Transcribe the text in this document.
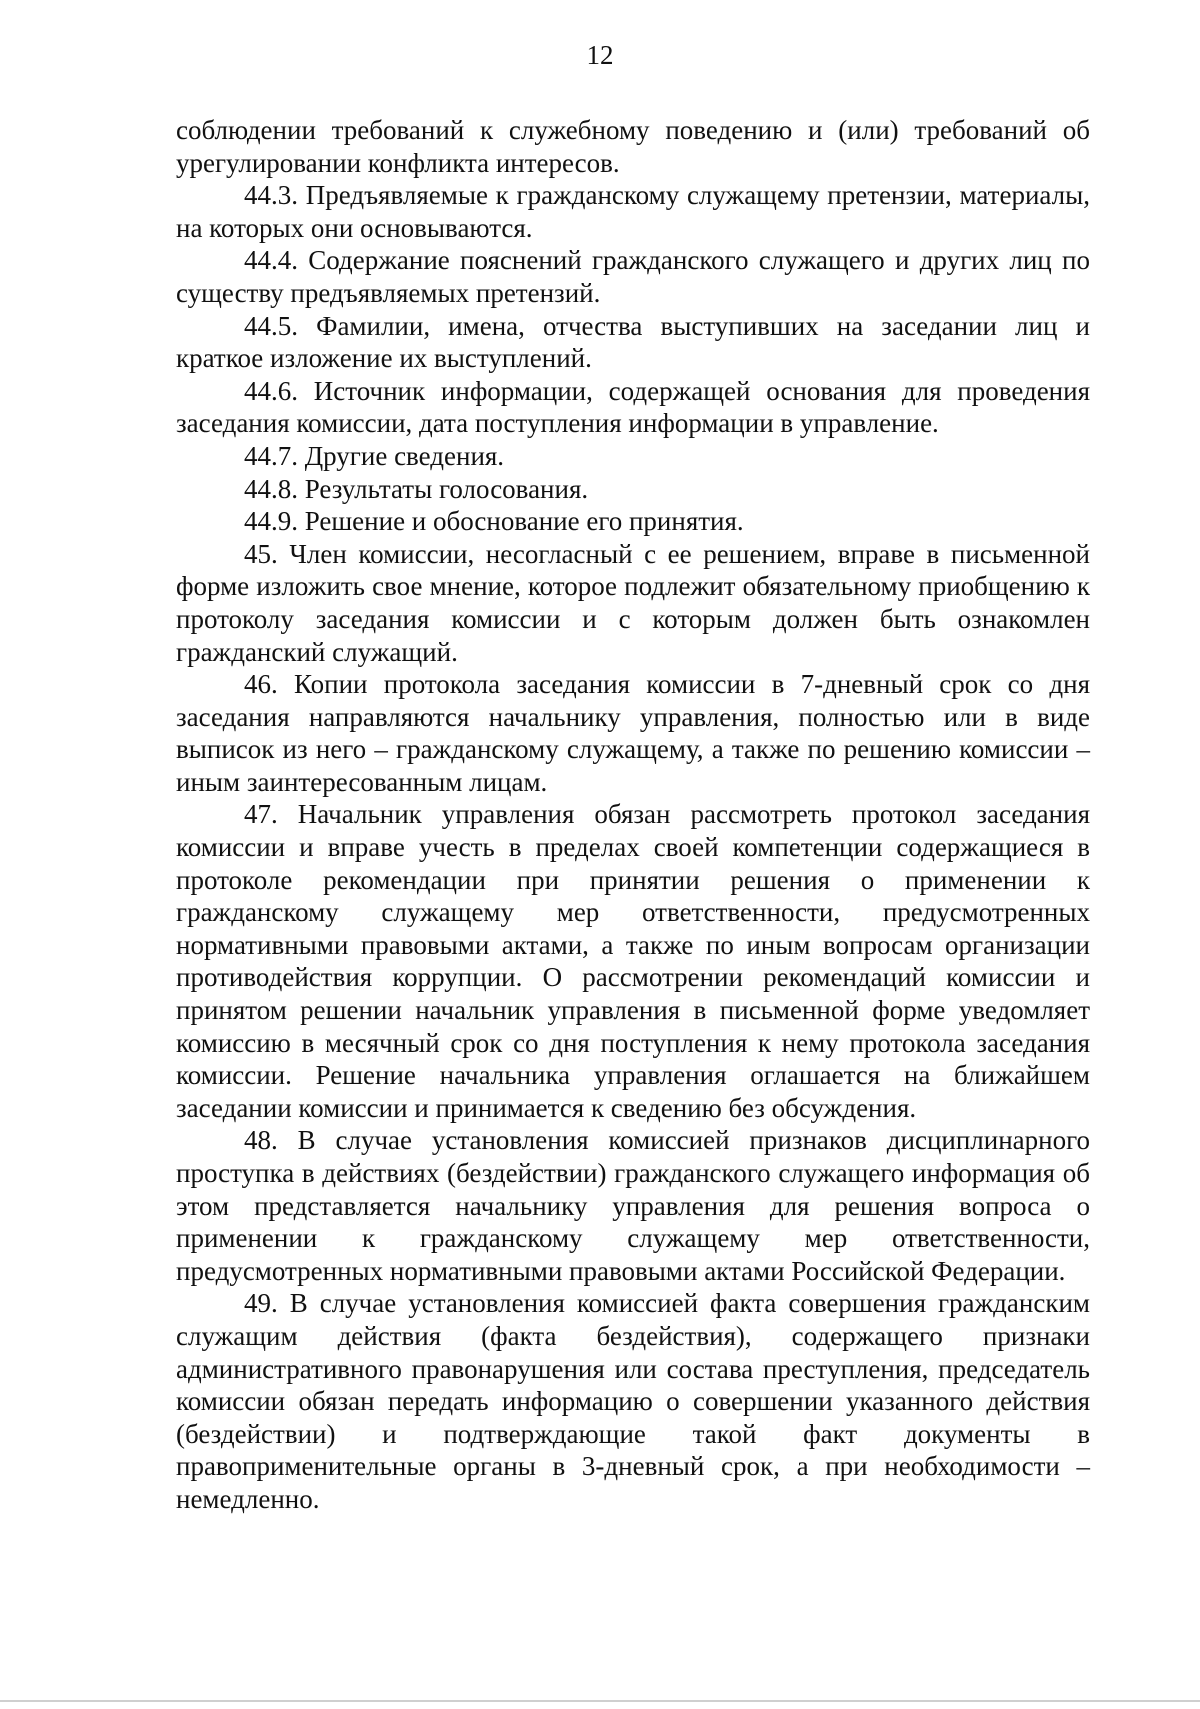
12

соблюдении требований к служебному поведению и (или) требований об урегулировании конфликта интересов.

44.3. Предъявляемые к гражданскому служащему претензии, материалы, на которых они основываются.

44.4. Содержание пояснений гражданского служащего и других лиц по существу предъявляемых претензий.

44.5. Фамилии, имена, отчества выступивших на заседании лиц и краткое изложение их выступлений.

44.6. Источник информации, содержащей основания для проведения заседания комиссии, дата поступления информации в управление.

44.7. Другие сведения.

44.8. Результаты голосования.

44.9. Решение и обоснование его принятия.

45. Член комиссии, несогласный с ее решением, вправе в письменной форме изложить свое мнение, которое подлежит обязательному приобщению к протоколу заседания комиссии и с которым должен быть ознакомлен гражданский служащий.

46. Копии протокола заседания комиссии в 7-дневный срок со дня заседания направляются начальнику управления, полностью или в виде выписок из него – гражданскому служащему, а также по решению комиссии – иным заинтересованным лицам.

47. Начальник управления обязан рассмотреть протокол заседания комиссии и вправе учесть в пределах своей компетенции содержащиеся в протоколе рекомендации при принятии решения о применении к гражданскому служащему мер ответственности, предусмотренных нормативными правовыми актами, а также по иным вопросам организации противодействия коррупции. О рассмотрении рекомендаций комиссии и принятом решении начальник управления в письменной форме уведомляет комиссию в месячный срок со дня поступления к нему протокола заседания комиссии. Решение начальника управления оглашается на ближайшем заседании комиссии и принимается к сведению без обсуждения.

48. В случае установления комиссией признаков дисциплинарного проступка в действиях (бездействии) гражданского служащего информация об этом представляется начальнику управления для решения вопроса о применении к гражданскому служащему мер ответственности, предусмотренных нормативными правовыми актами Российской Федерации.

49. В случае установления комиссией факта совершения гражданским служащим действия (факта бездействия), содержащего признаки административного правонарушения или состава преступления, председатель комиссии обязан передать информацию о совершении указанного действия (бездействии) и подтверждающие такой факт документы в правоприменительные органы в 3-дневный срок, а при необходимости – немедленно.
